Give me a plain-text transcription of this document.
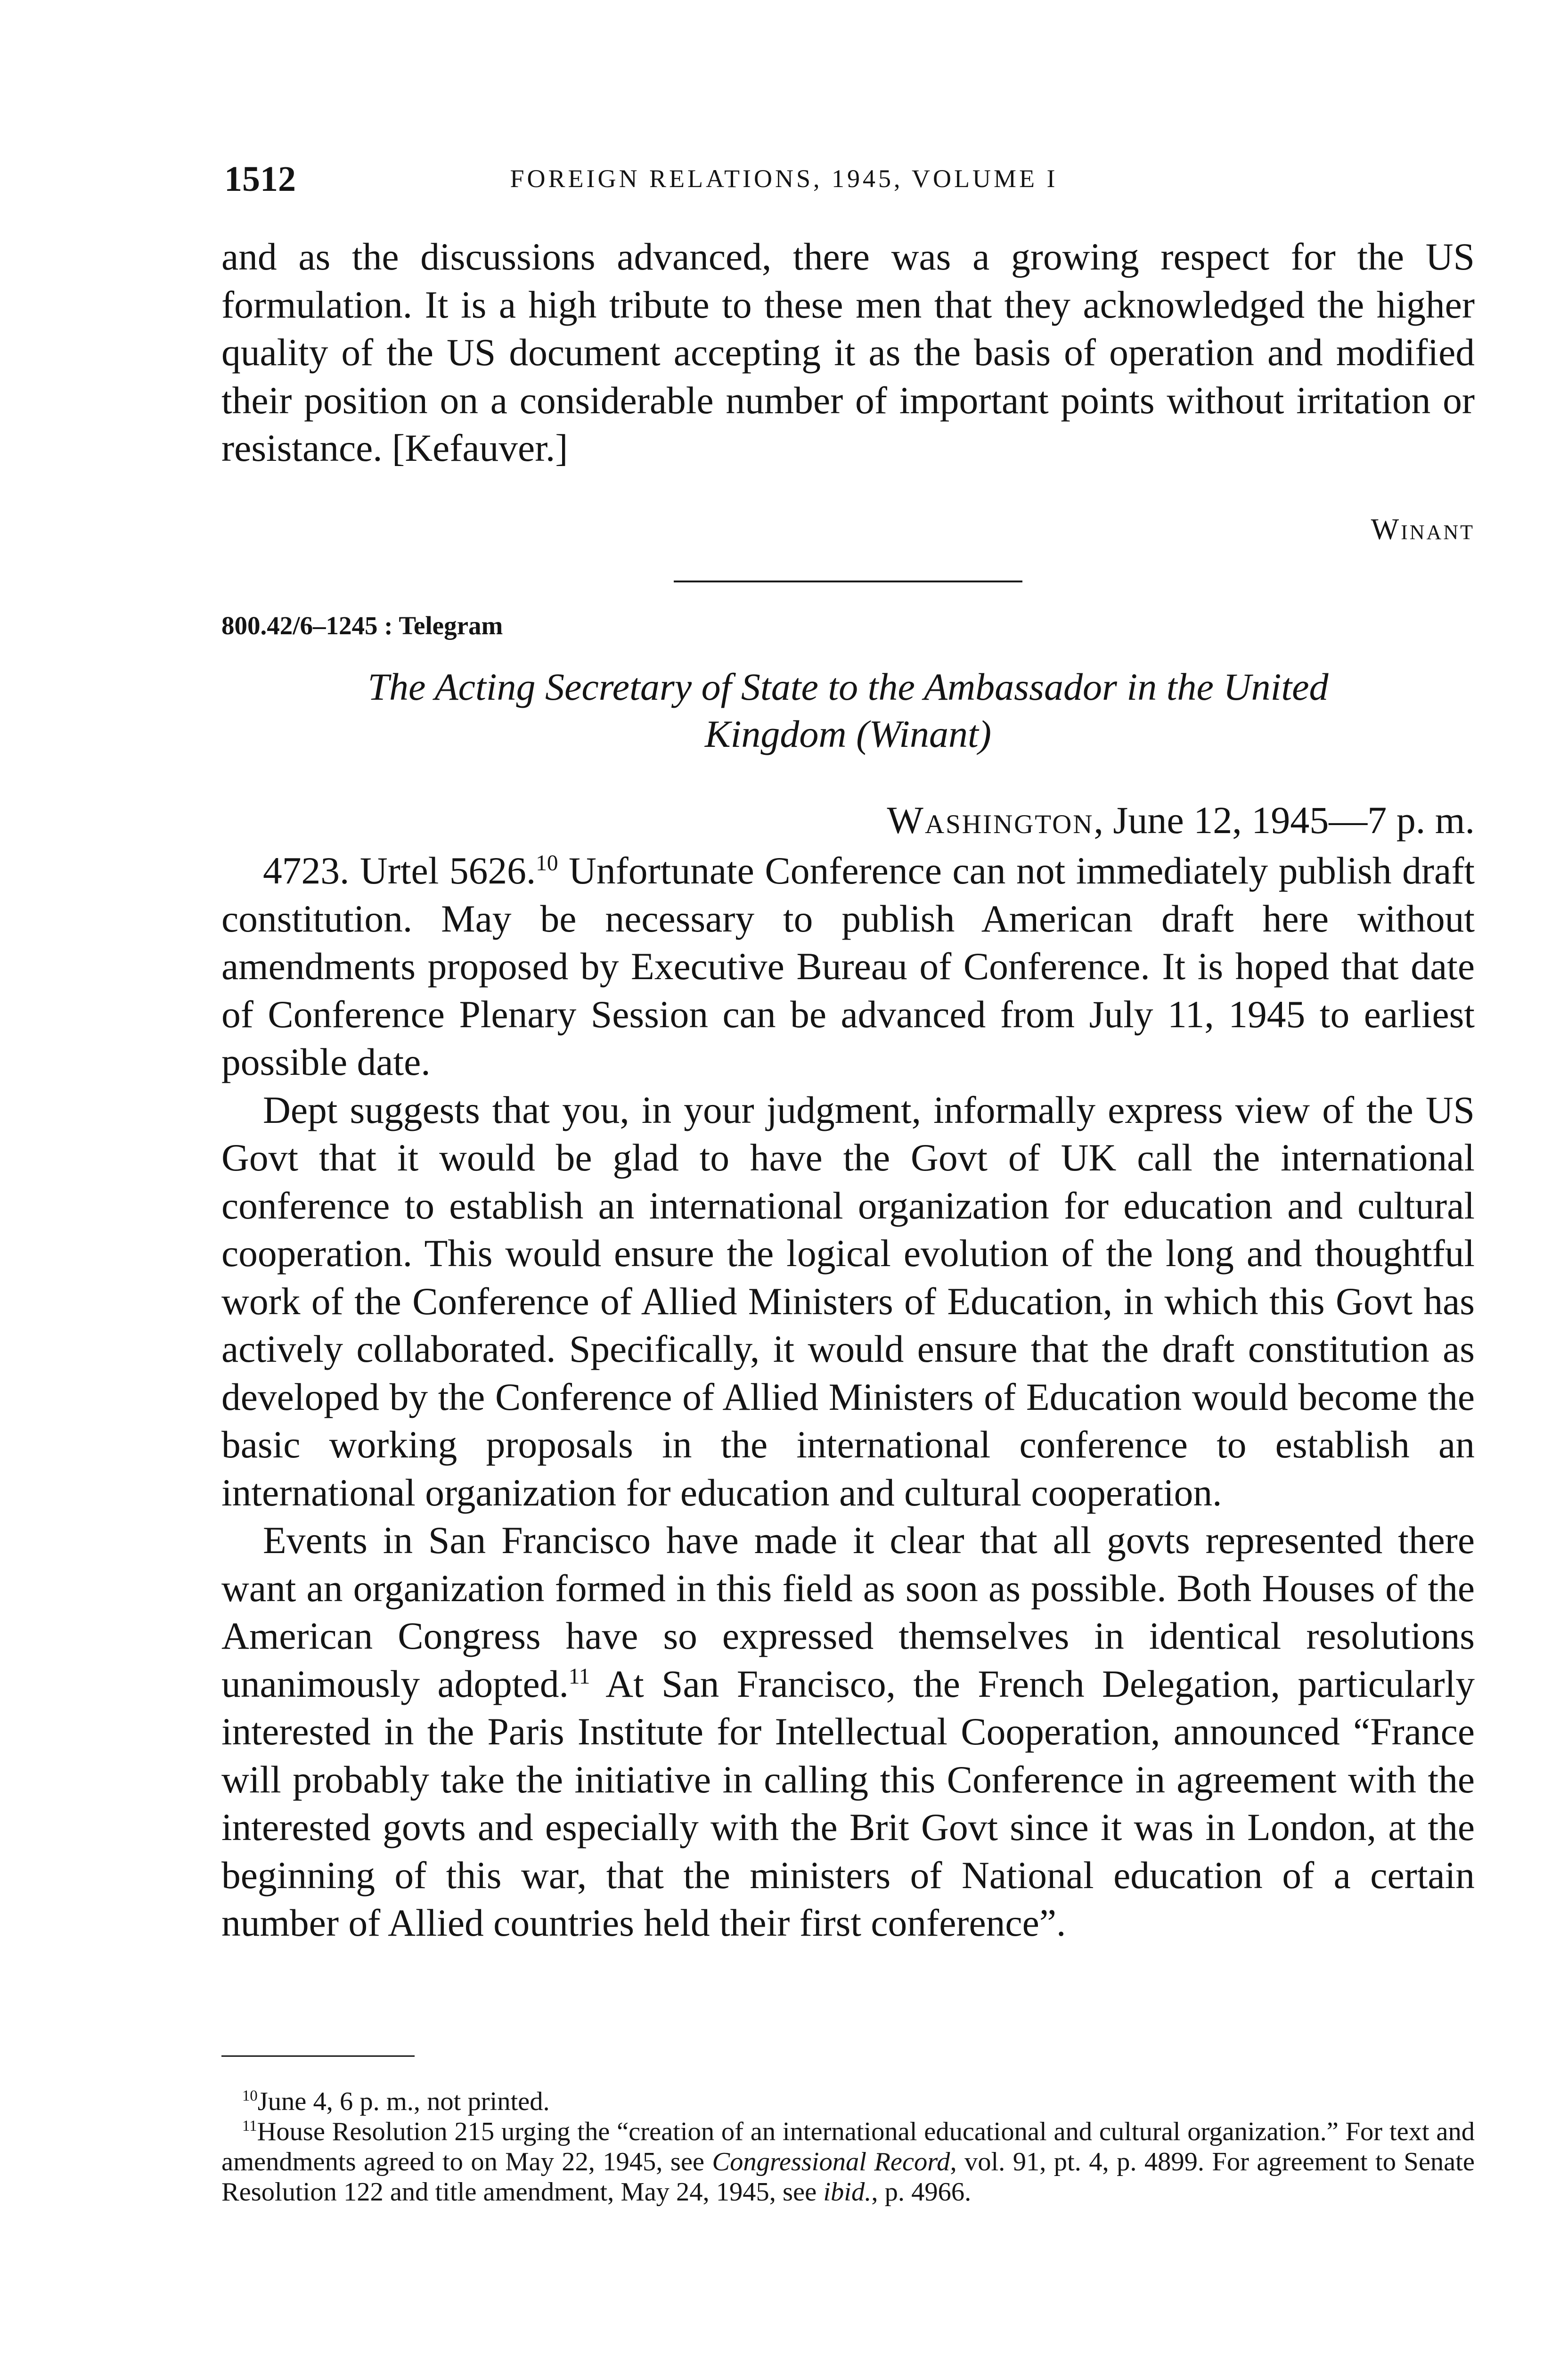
1512	FOREIGN RELATIONS, 1945, VOLUME I

and as the discussions advanced, there was a growing respect for the US formulation. It is a high tribute to these men that they acknowledged the higher quality of the US document accepting it as the basis of operation and modified their position on a considerable number of important points without irritation or resistance. [Kefauver.]

Winant
800.42/6–1245 : Telegram
The Acting Secretary of State to the Ambassador in the United
Kingdom (Winant)
Washington, June 12, 1945—7 p. m.

4723. Urtel 5626.10 Unfortunate Conference can not immediately publish draft constitution. May be necessary to publish American draft here without amendments proposed by Executive Bureau of Conference. It is hoped that date of Conference Plenary Session can be advanced from July 11, 1945 to earliest possible date.

Dept suggests that you, in your judgment, informally express view of the US Govt that it would be glad to have the Govt of UK call the international conference to establish an international organization for education and cultural cooperation. This would ensure the logical evolution of the long and thoughtful work of the Conference of Allied Ministers of Education, in which this Govt has actively collaborated. Specifically, it would ensure that the draft constitution as developed by the Conference of Allied Ministers of Education would become the basic working proposals in the international conference to establish an international organization for education and cultural cooperation.

Events in San Francisco have made it clear that all govts represented there want an organization formed in this field as soon as possible. Both Houses of the American Congress have so expressed themselves in identical resolutions unanimously adopted.$^{11}$ At San Francisco, the French Delegation, particularly interested in the Paris Institute for Intellectual Cooperation, announced “France will probably take the initiative in calling this Conference in agreement with the interested govts and especially with the Brit Govt since it was in London, at the beginning of this war, that the ministers of National education of a certain number of Allied countries held their first conference”.

$^{10}$June 4, 6 p. m., not printed.

$^{11}$House Resolution 215 urging the “creation of an international educational and cultural organization.” For text and amendments agreed to on May 22, 1945, see Congressional Record, vol. 91, pt. 4, p. 4899. For agreement to Senate Resolution 122 and title amendment, May 24, 1945, see ibid., p. 4966.
